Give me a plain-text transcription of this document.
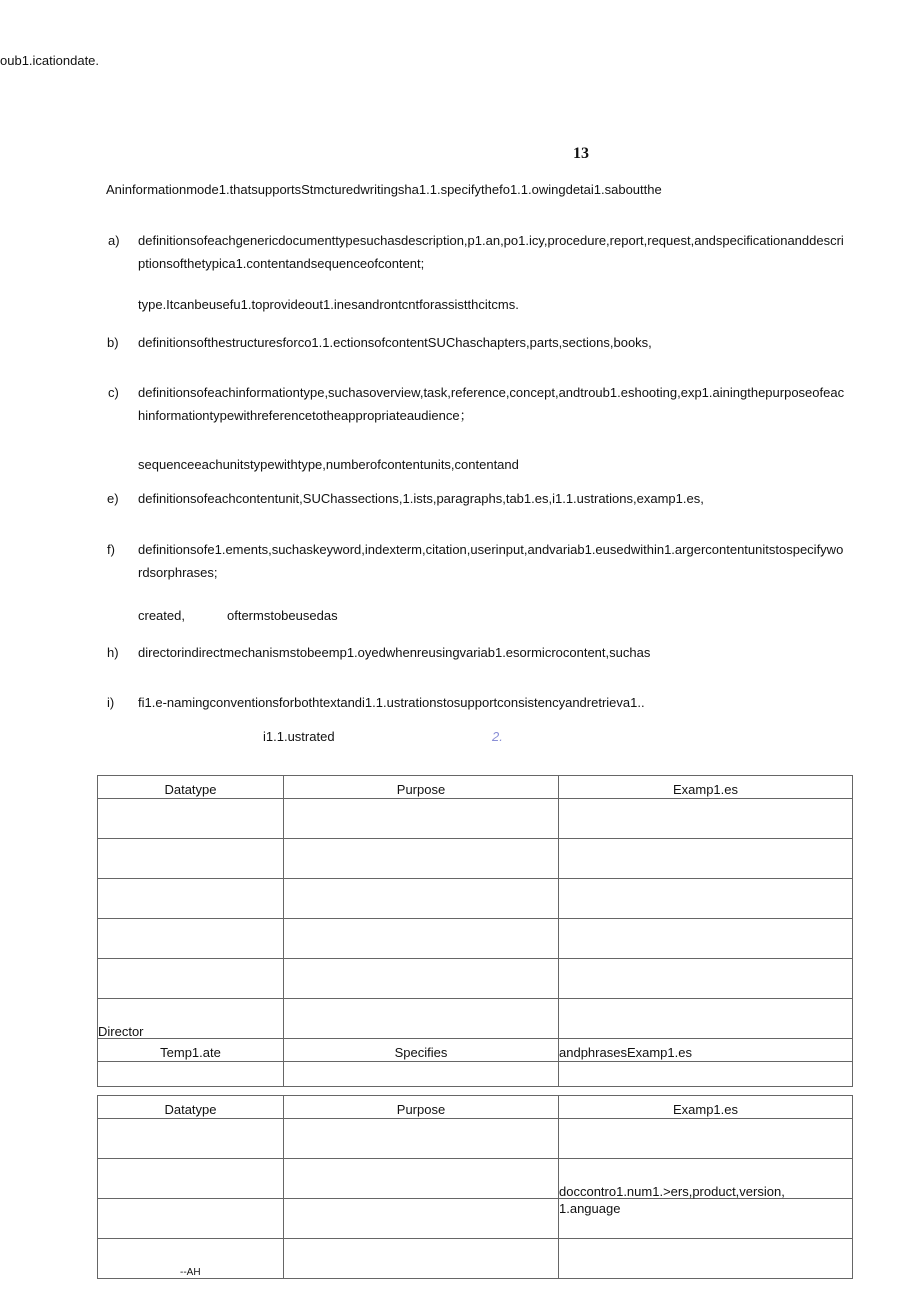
oub1.icationdate.
13
Aninformationmode1.thatsupportsStmcturedwritingsha1.1.specifythefo1.1.owingdetai1.saboutthe
a) definitionsofeachgenericdocumenttypesuchasdescription,p1.an,po1.icy,procedure,report,request,andspecificationanddescri ptionsofthetypica1.contentandsequenceofcontent;
type.Itcanbeusefu1.toprovideout1.inesandrontcntforassistthcitcms.
b) definitionsofthestructuresforco1.1.ectionsofcontentSUChaschapters,parts,sections,books,
c) definitionsofeachinformationtype,suchasoverview,task,reference,concept,andtroub1.eshooting,exp1.ainingthepurposeofeac hinformationtypewithreferencetotheappropriateaudience；
sequenceeachunitstypewithtype,numberofcontentunits,contentand
e) definitionsofeachcontentunit,SUChassections,1.ists,paragraphs,tab1.es,i1.1.ustrations,examp1.es,
f) definitionsofe1.ements,suchaskeyword,indexterm,citation,userinput,andvariab1.eusedwithin1.argercontentunitstospecifywo rdsorphrases;
created,	oftermstobeusedas
h) directorindirectmechanismstobeemp1.oyedwhenreusingvariab1.esormicrocontent,suchas
i) fi1.e-namingconventionsforbothtextandi1.1.ustrationstosupportconsistencyandretrieva1..
i1.1.ustrated	2.
Datatype	Purpose	Examp1.es

Director		

Temp1.ate	Specifies	andphrasesExamp1.es

Datatype	Purpose	Examp1.es

		doccontro1.num1.>ers,product,version, 1.anguage

--AH		
